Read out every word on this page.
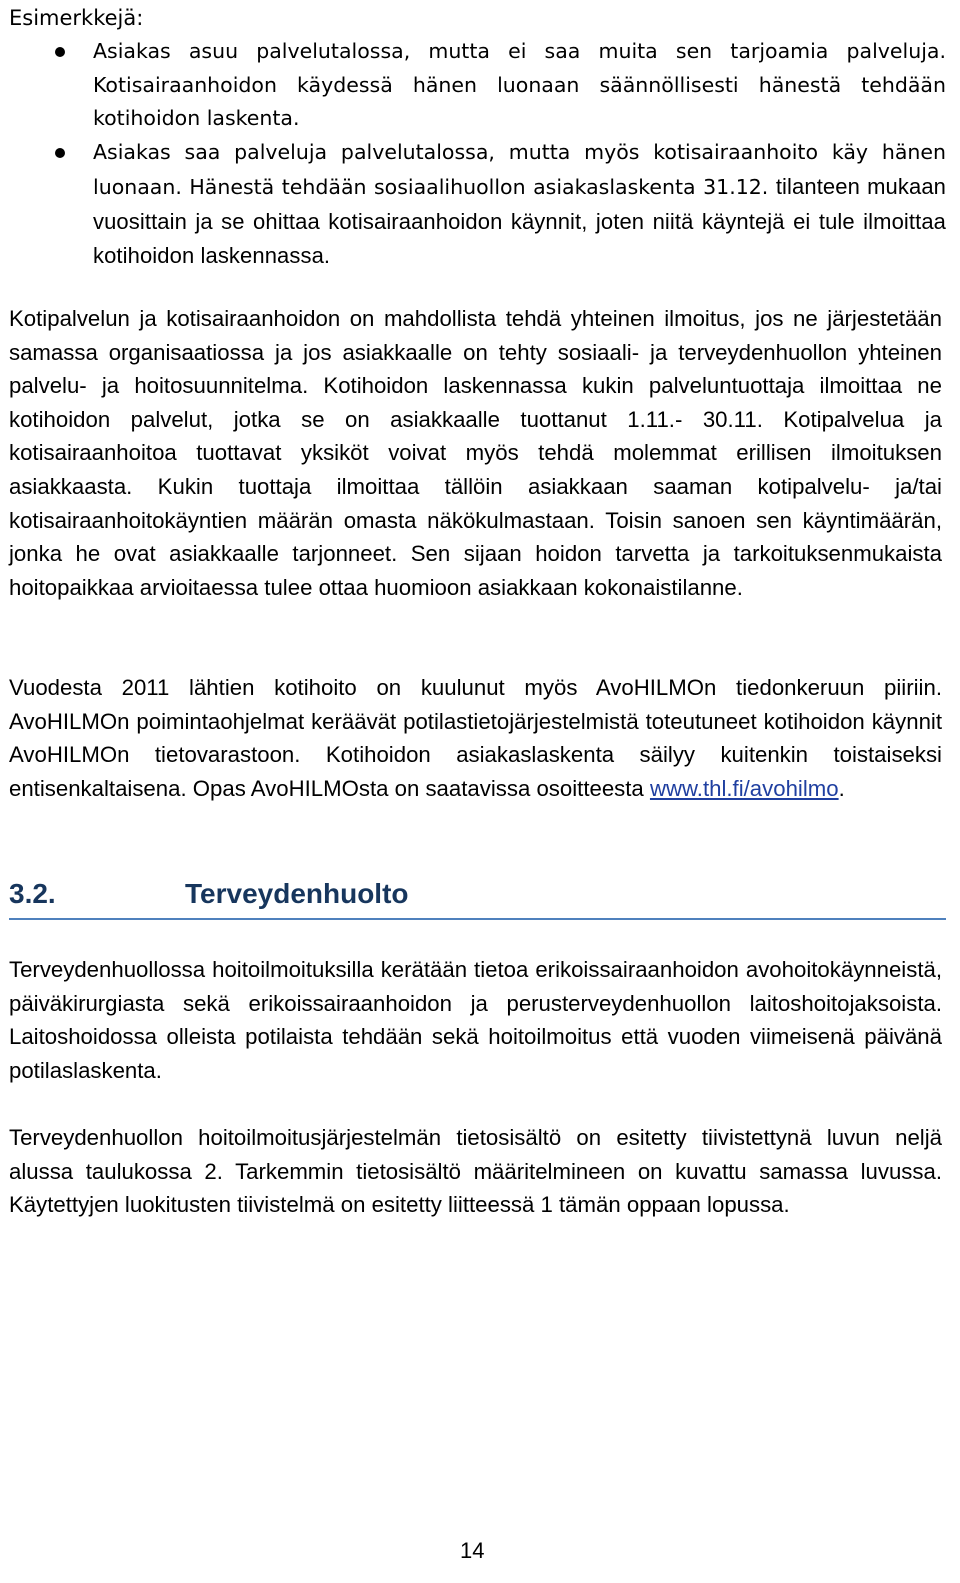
Esimerkkejä:
Asiakas asuu palvelutalossa, mutta ei saa muita sen tarjoamia palveluja. Kotisairaanhoidon käydessä hänen luonaan säännöllisesti hänestä tehdään kotihoidon laskenta.
Asiakas saa palveluja palvelutalossa, mutta myös kotisairaanhoito käy hänen luonaan. Hänestä tehdään sosiaalihuollon asiakaslaskenta 31.12. tilanteen mukaan vuosittain ja se ohittaa kotisairaanhoidon käynnit, joten niitä käyntejä ei tule ilmoittaa kotihoidon laskennassa.

Kotipalvelun ja kotisairaanhoidon on mahdollista tehdä yhteinen ilmoitus, jos ne järjestetään samassa organisaatiossa ja jos asiakkaalle on tehty sosiaali- ja terveydenhuollon yhteinen palvelu- ja hoitosuunnitelma. Kotihoidon laskennassa kukin palveluntuottaja ilmoittaa ne kotihoidon palvelut, jotka se on asiakkaalle tuottanut 1.11.- 30.11. Kotipalvelua ja kotisairaanhoitoa tuottavat yksiköt voivat myös tehdä molemmat erillisen ilmoituksen asiakkaasta. Kukin tuottaja ilmoittaa tällöin asiakkaan saaman kotipalvelu- ja/tai kotisairaanhoitokäyntien määrän omasta näkökulmastaan. Toisin sanoen sen käyntimäärän, jonka he ovat asiakkaalle tarjonneet. Sen sijaan hoidon tarvetta ja tarkoituksenmukaista hoitopaikkaa arvioitaessa tulee ottaa huomioon asiakkaan kokonaistilanne.

Vuodesta 2011 lähtien kotihoito on kuulunut myös AvoHILMOn tiedonkeruun piiriin. AvoHILMOn poimintaohjelmat keräävät potilastietojärjestelmistä toteutuneet kotihoidon käynnit AvoHILMOn tietovarastoon. Kotihoidon asiakaslaskenta säilyy kuitenkin toistaiseksi entisenkaltaisena. Opas AvoHILMOsta on saatavissa osoitteesta www.thl.fi/avohilmo.

3.2.	Terveydenhuolto

Terveydenhuollossa hoitoilmoituksilla kerätään tietoa erikoissairaanhoidon avohoitokäynneistä, päiväkirurgiasta sekä erikoissairaanhoidon ja perusterveydenhuollon laitoshoitojaksoista. Laitoshoidossa olleista potilaista tehdään sekä hoitoilmoitus että vuoden viimeisenä päivänä potilaslaskenta.

Terveydenhuollon hoitoilmoitusjärjestelmän tietosisältö on esitetty tiivistettynä luvun neljä alussa taulukossa 2. Tarkemmin tietosisältö määritelmineen on kuvattu samassa luvussa. Käytettyjen luokitusten tiivistelmä on esitetty liitteessä 1 tämän oppaan lopussa.

14
